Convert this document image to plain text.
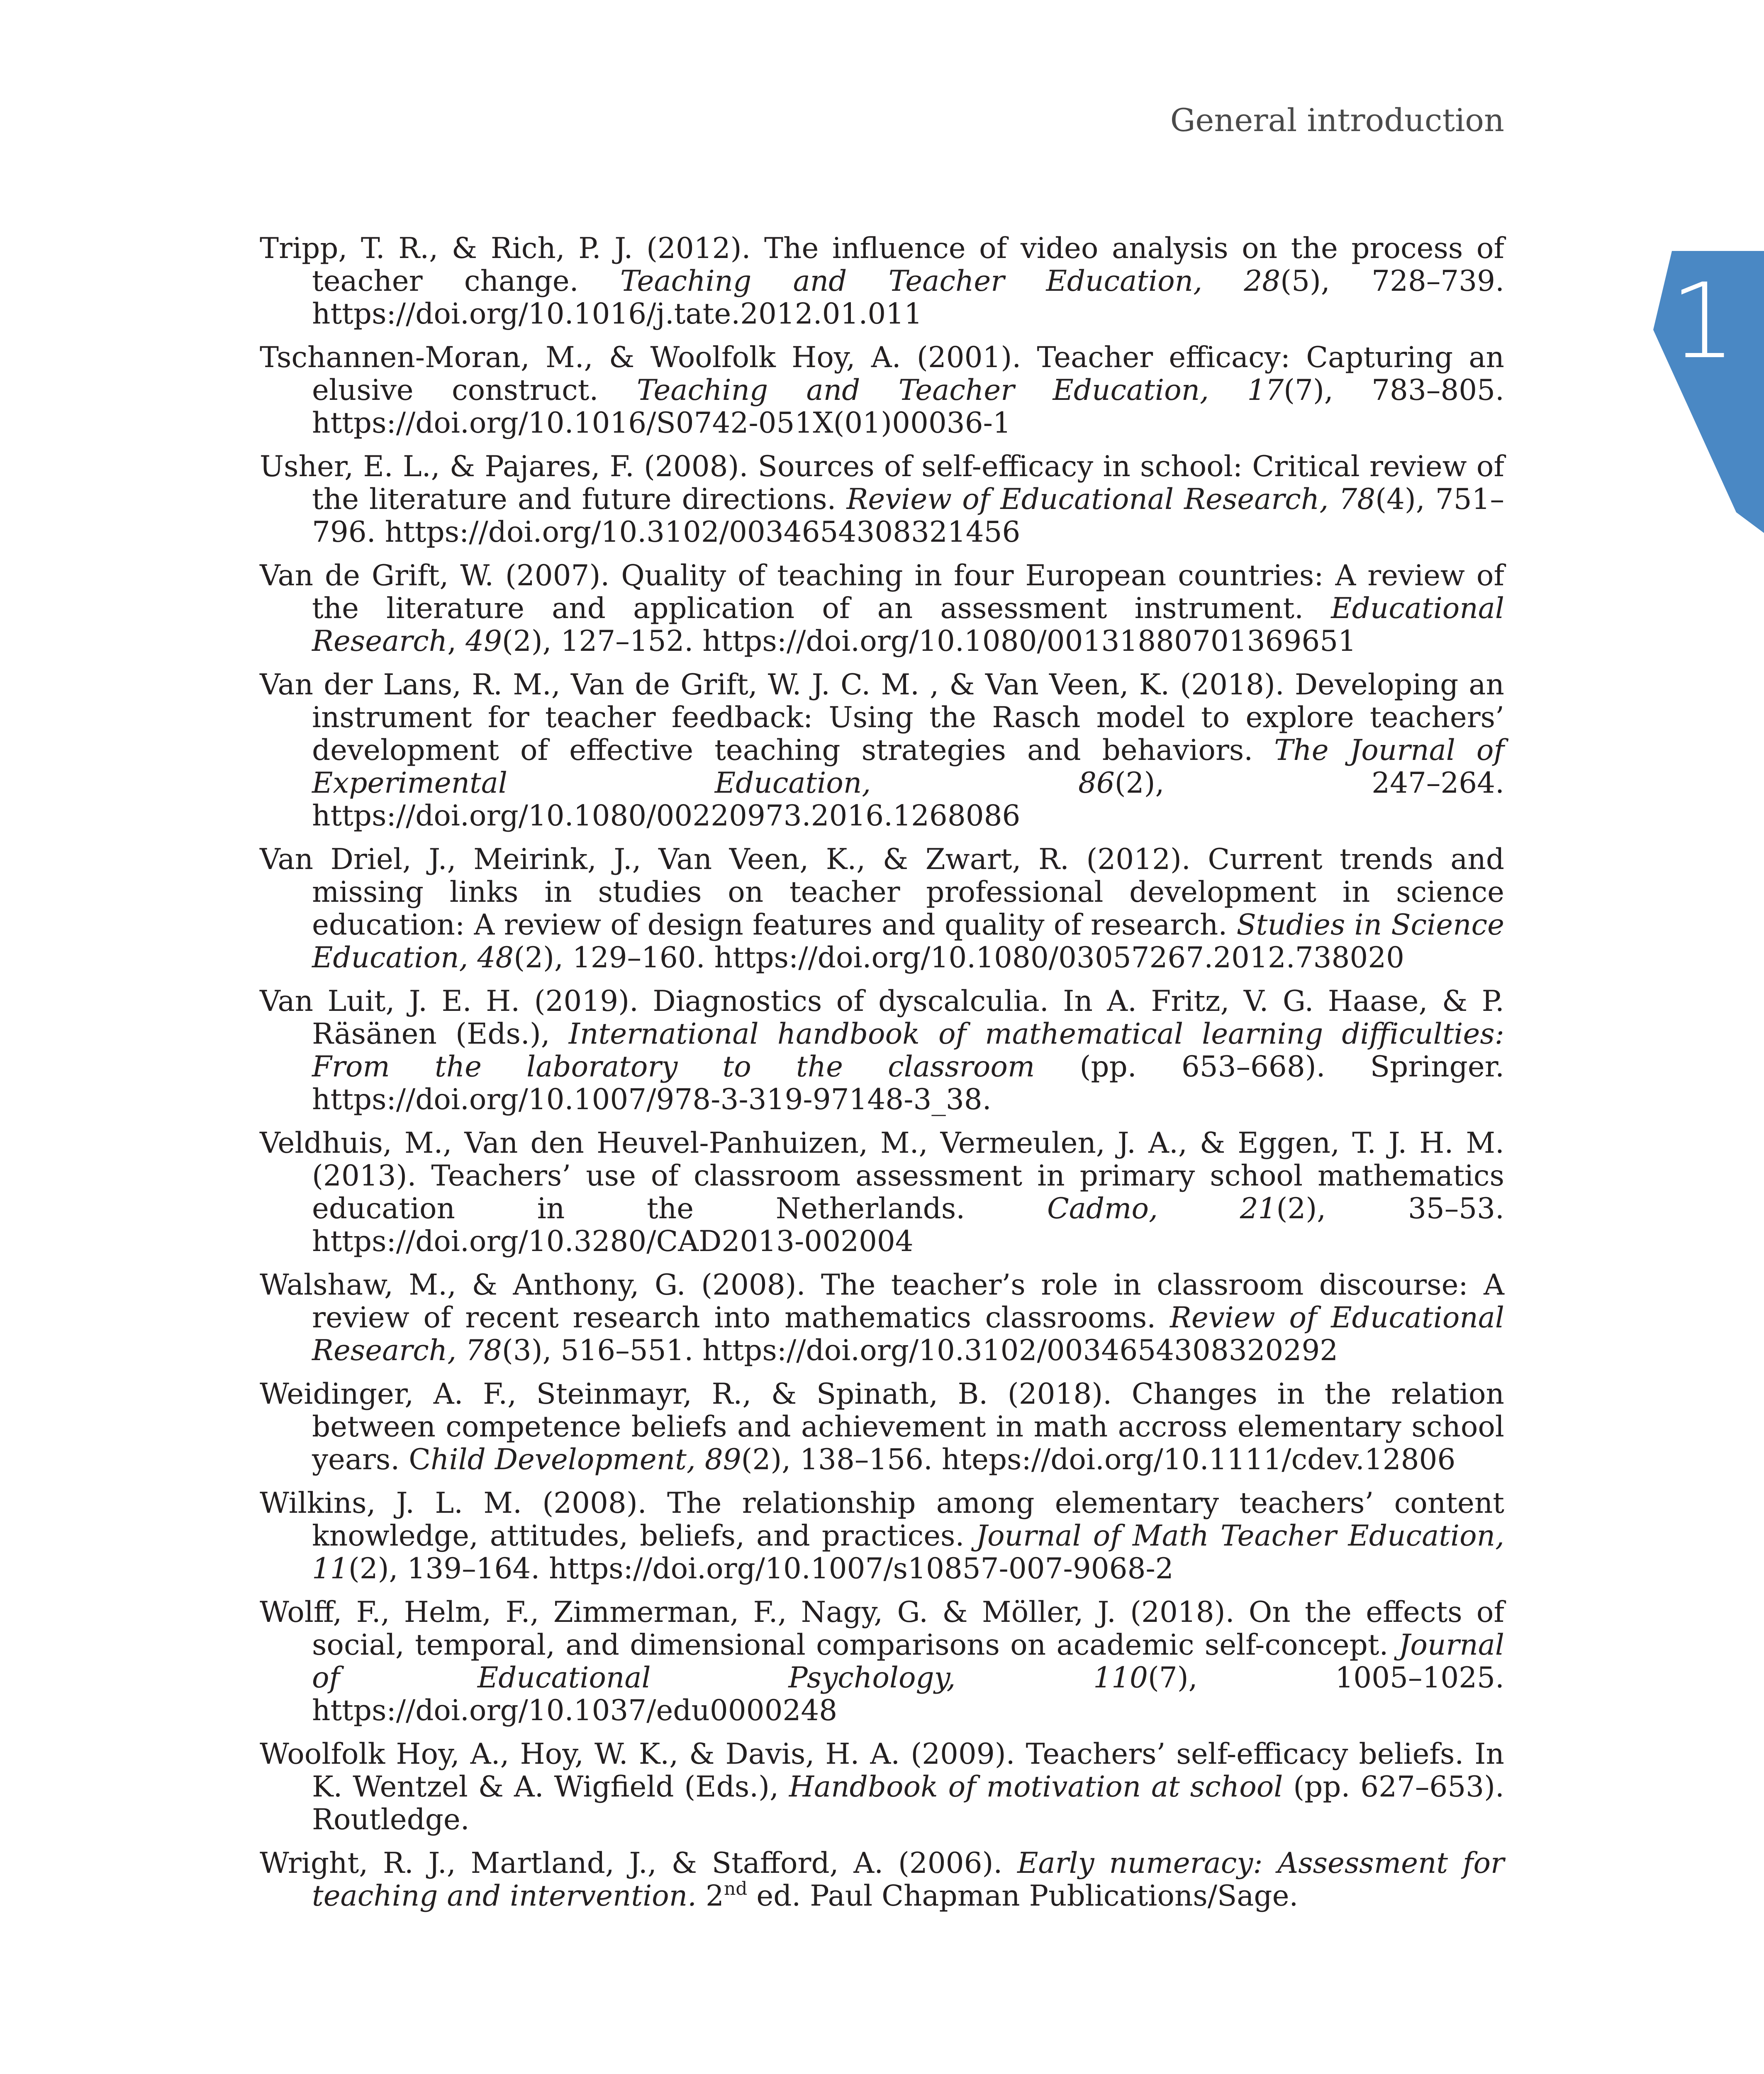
General introduction
1
Tripp, T. R., & Rich, P. J. (2012). The influence of video analysis on the process of teacher change. Teaching and Teacher Education, 28(5), 728–739. https://doi.org/10.1016/j.tate.2012.01.011
Tschannen-Moran, M., & Woolfolk Hoy, A. (2001). Teacher efficacy: Capturing an elusive construct. Teaching and Teacher Education, 17(7), 783–805. https://doi.org/10.1016/S0742-051X(01)00036-1
Usher, E. L., & Pajares, F. (2008). Sources of self-efficacy in school: Critical review of the literature and future directions. Review of Educational Research, 78(4), 751–796. https://doi.org/10.3102/0034654308321456
Van de Grift, W. (2007). Quality of teaching in four European countries: A review of the literature and application of an assessment instrument. Educational Research, 49(2), 127–152. https://doi.org/10.1080/00131880701369651
Van der Lans, R. M., Van de Grift, W. J. C. M. , & Van Veen, K. (2018). Developing an instrument for teacher feedback: Using the Rasch model to explore teachers’ development of effective teaching strategies and behaviors. The Journal of Experimental Education, 86(2), 247–264. https://doi.org/10.1080/00220973.2016.1268086
Van Driel, J., Meirink, J., Van Veen, K., & Zwart, R. (2012). Current trends and missing links in studies on teacher professional development in science education: A review of design features and quality of research. Studies in Science Education, 48(2), 129–160. https://doi.org/10.1080/03057267.2012.738020
Van Luit, J. E. H. (2019). Diagnostics of dyscalculia. In A. Fritz, V. G. Haase, & P. Räsänen (Eds.), International handbook of mathematical learning difficulties: From the laboratory to the classroom (pp. 653–668). Springer. https://doi.org/10.1007/978-3-319-97148-3_38.
Veldhuis, M., Van den Heuvel-Panhuizen, M., Vermeulen, J. A., & Eggen, T. J. H. M. (2013). Teachers’ use of classroom assessment in primary school mathematics education in the Netherlands. Cadmo, 21(2), 35–53. https://doi.org/10.3280/CAD2013-002004
Walshaw, M., & Anthony, G. (2008). The teacher’s role in classroom discourse: A review of recent research into mathematics classrooms. Review of Educational Research, 78(3), 516–551. https://doi.org/10.3102/0034654308320292
Weidinger, A. F., Steinmayr, R., & Spinath, B. (2018). Changes in the relation between competence beliefs and achievement in math accross elementary school years. Child Development, 89(2), 138–156. hteps://doi.org/10.1111/cdev.12806
Wilkins, J. L. M. (2008). The relationship among elementary teachers’ content knowledge, attitudes, beliefs, and practices. Journal of Math Teacher Education, 11(2), 139–164. https://doi.org/10.1007/s10857-007-9068-2
Wolff, F., Helm, F., Zimmerman, F., Nagy, G. & Möller, J. (2018). On the effects of social, temporal, and dimensional comparisons on academic self-concept. Journal of Educational Psychology, 110(7), 1005–1025. https://doi.org/10.1037/edu0000248
Woolfolk Hoy, A., Hoy, W. K., & Davis, H. A. (2009). Teachers’ self-efficacy beliefs. In K. Wentzel & A. Wigfield (Eds.), Handbook of motivation at school (pp. 627–653). Routledge.
Wright, R. J., Martland, J., & Stafford, A. (2006). Early numeracy: Assessment for teaching and intervention. 2nd ed. Paul Chapman Publications/Sage.
